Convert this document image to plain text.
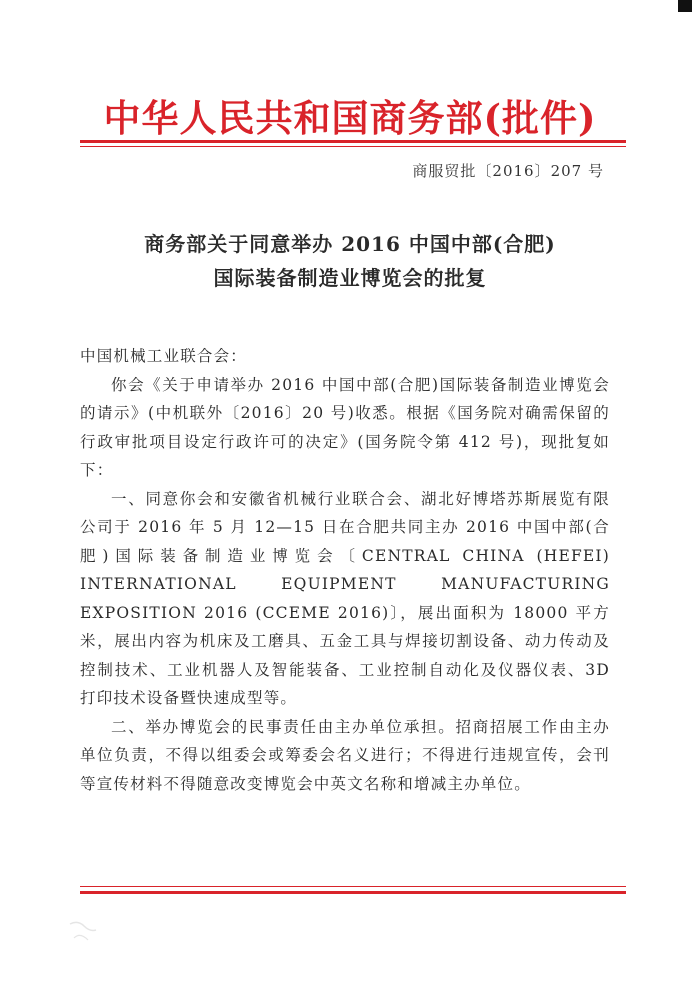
中华人民共和国商务部(批件)
商服贸批〔2016〕207 号
商务部关于同意举办 2016 中国中部(合肥)
国际装备制造业博览会的批复

中国机械工业联合会：

你会《关于申请举办 2016 中国中部(合肥)国际装备制造业博览会的请示》(中机联外〔2016〕20 号)收悉。根据《国务院对确需保留的行政审批项目设定行政许可的决定》(国务院令第 412 号)，现批复如下：

一、同意你会和安徽省机械行业联合会、湖北好博塔苏斯展览有限公司于 2016 年 5 月 12—15 日在合肥共同主办 2016 中国中部(合肥)国际装备制造业博览会〔CENTRAL CHINA (HEFEI) INTERNATIONAL EQUIPMENT MANUFACTURING EXPOSITION 2016 (CCEME 2016)〕，展出面积为 18000 平方米，展出内容为机床及工磨具、五金工具与焊接切割设备、动力传动及控制技术、工业机器人及智能装备、工业控制自动化及仪器仪表、3D 打印技术设备暨快速成型等。

二、举办博览会的民事责任由主办单位承担。招商招展工作由主办单位负责，不得以组委会或筹委会名义进行；不得进行违规宣传，会刊等宣传材料不得随意改变博览会中英文名称和增减主办单位。
